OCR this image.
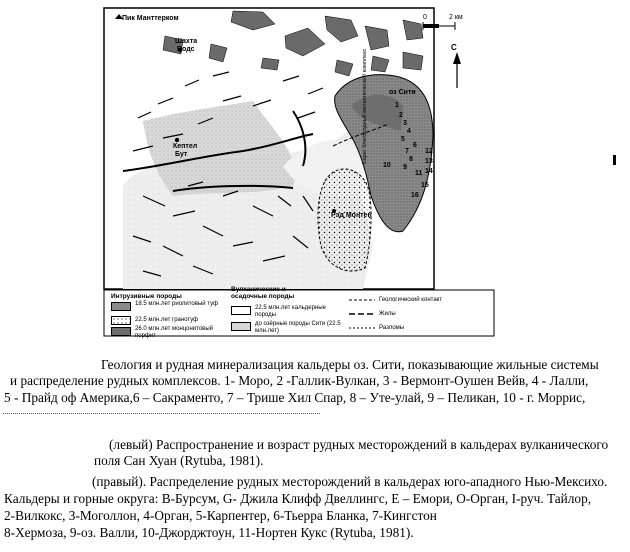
Пик Манттерком
Шахта
Водс
Кептел
Бут
оз Сити
Рэд Монтен
С
0	2 км
Барег благородный металлический комплекс	1
2
3
4
5
6
7
8
9
10
11
12
13
14
15
16
Интрузивные породы
Вулканические и осадочные породы
18.5 млн.лет риолитовый туф
22.5 млн.лет гранотуф
26.0 млн.лет монцонитовый порфит
22.5 млн.лет кальдерные породы
до озёрные породы Сити (22.5 млн.лет)
Геологический контакт
Жилы
Разломы
Геология и рудная минерализация кальдеры оз. Сити, показывающие жильные системы
и распределение рудных комплексов. 1- Моро, 2 -Галлик-Вулкан, 3 - Вермонт-Оушен Вейв, 4 - Лалли,
5 - Прайд оф Америка,6 – Сакраменто, 7 – Трише Хил Спар, 8 – Уте-улай, 9 – Пеликан, 10 - г. Моррис,
(левый) Распространение и возраст рудных месторождений в кальдерах вулканического
поля Сан Хуан (Rytuba, 1981).
(правый). Распределение рудных месторождений в кальдерах юго-ападного Нью-Мексихо.
Кальдеры и горные округа: В-Бурсум, G- Джила Клифф Двеллингс, Е – Емори, О-Орган, I-руч. Тайлор,
2-Вилкокс, 3-Моголлон, 4-Орган, 5-Карпентер, 6-Тьерра Бланка, 7-Кингстон
8-Хермоза, 9-оз. Валли, 10-Джорджтоун, 11-Нортен Кукс (Rytuba, 1981).
